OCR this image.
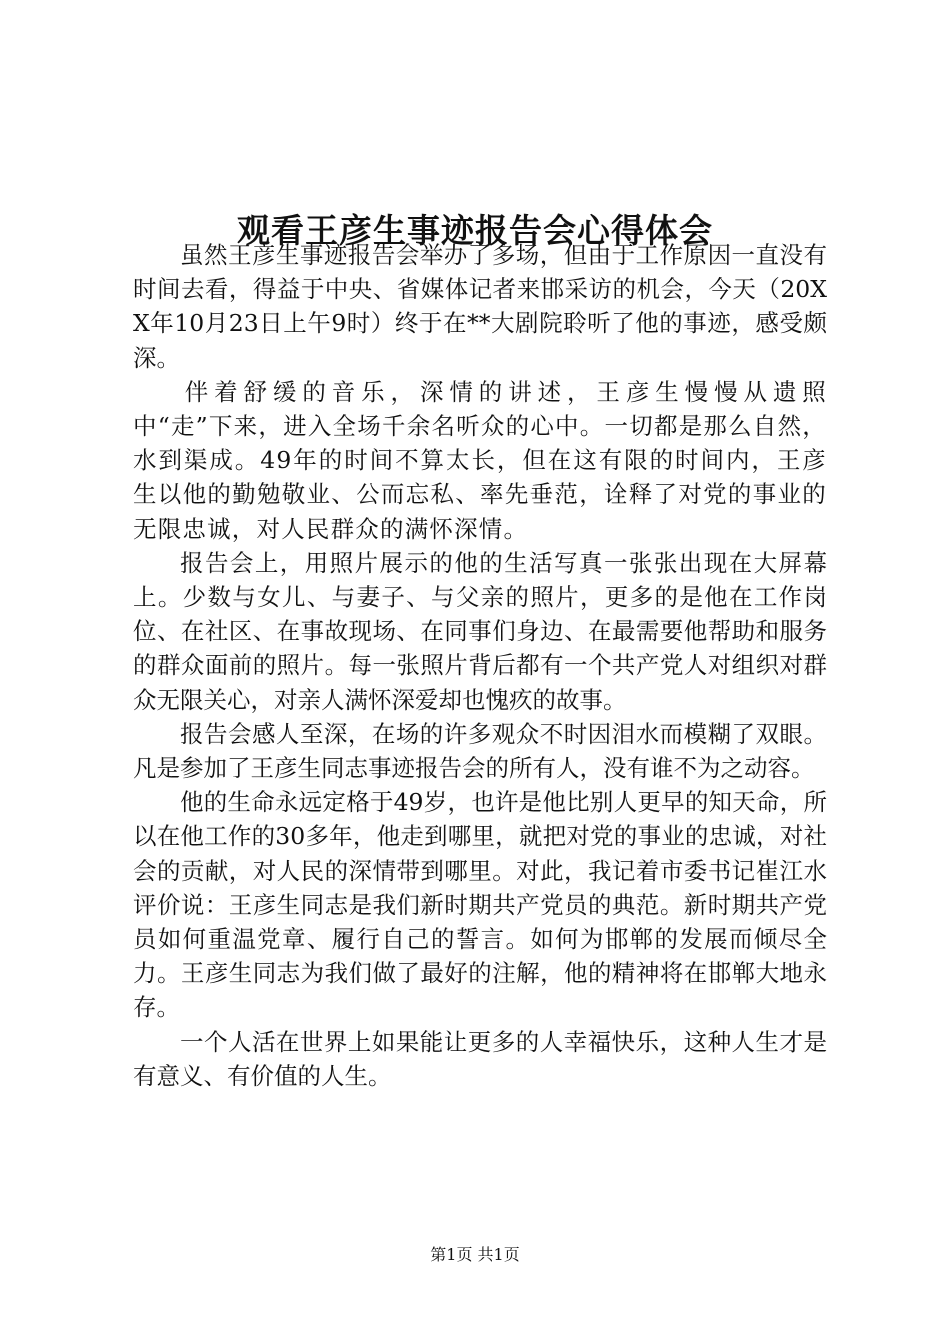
观看王彦生事迹报告会心得体会

虽然王彦生事迹报告会举办了多场，但由于工作原因一直没有时间去看，得益于中央、省媒体记者来邯采访的机会，今天（20XX年10月23日上午9时）终于在**大剧院聆听了他的事迹，感受颇深。

伴着舒缓的音乐，深情的讲述，王彦生慢慢从遗照中“走”下来，进入全场千余名听众的心中。一切都是那么自然，水到渠成。49年的时间不算太长，但在这有限的时间内，王彦生以他的勤勉敬业、公而忘私、率先垂范，诠释了对党的事业的无限忠诚，对人民群众的满怀深情。

报告会上，用照片展示的他的生活写真一张张出现在大屏幕上。少数与女儿、与妻子、与父亲的照片，更多的是他在工作岗位、在社区、在事故现场、在同事们身边、在最需要他帮助和服务的群众面前的照片。每一张照片背后都有一个共产党人对组织对群众无限关心，对亲人满怀深爱却也愧疚的故事。

报告会感人至深，在场的许多观众不时因泪水而模糊了双眼。凡是参加了王彦生同志事迹报告会的所有人，没有谁不为之动容。

他的生命永远定格于49岁，也许是他比别人更早的知天命，所以在他工作的30多年，他走到哪里，就把对党的事业的忠诚，对社会的贡献，对人民的深情带到哪里。对此，我记着市委书记崔江水评价说：王彦生同志是我们新时期共产党员的典范。新时期共产党员如何重温党章、履行自己的誓言。如何为邯郸的发展而倾尽全力。王彦生同志为我们做了最好的注解，他的精神将在邯郸大地永存。

一个人活在世界上如果能让更多的人幸福快乐，这种人生才是有意义、有价值的人生。

第1页 共1页
